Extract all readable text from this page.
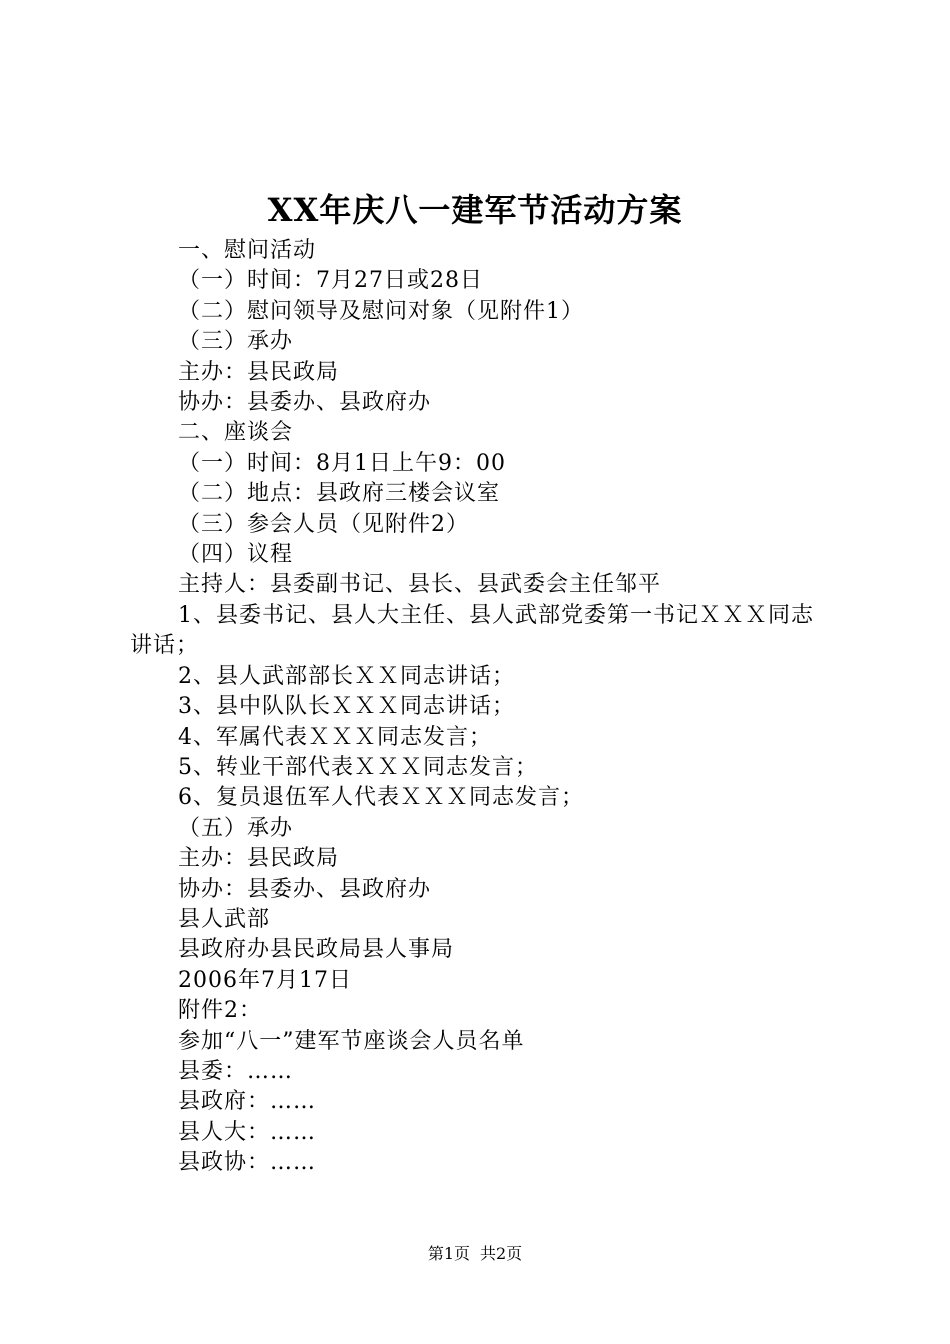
XX年庆八一建军节活动方案
一、慰问活动
（一）时间：7月27日或28日
（二）慰问领导及慰问对象（见附件1）
（三）承办
主办：县民政局
协办：县委办、县政府办
二、座谈会
（一）时间：8月1日上午9：00
（二）地点：县政府三楼会议室
（三）参会人员（见附件2）
（四）议程
主持人：县委副书记、县长、县武委会主任邹平
1、县委书记、县人大主任、县人武部党委第一书记ＸＸＸ同志讲话；
2、县人武部部长ＸＸ同志讲话；
3、县中队队长ＸＸＸ同志讲话；
4、军属代表ＸＸＸ同志发言；
5、转业干部代表ＸＸＸ同志发言；
6、复员退伍军人代表ＸＸＸ同志发言；
（五）承办
主办：县民政局
协办：县委办、县政府办
县人武部
县政府办县民政局县人事局
2006年7月17日
附件2：
参加“八一”建军节座谈会人员名单
县委：……
县政府：……
县人大：……
县政协：……
第1页 共2页
